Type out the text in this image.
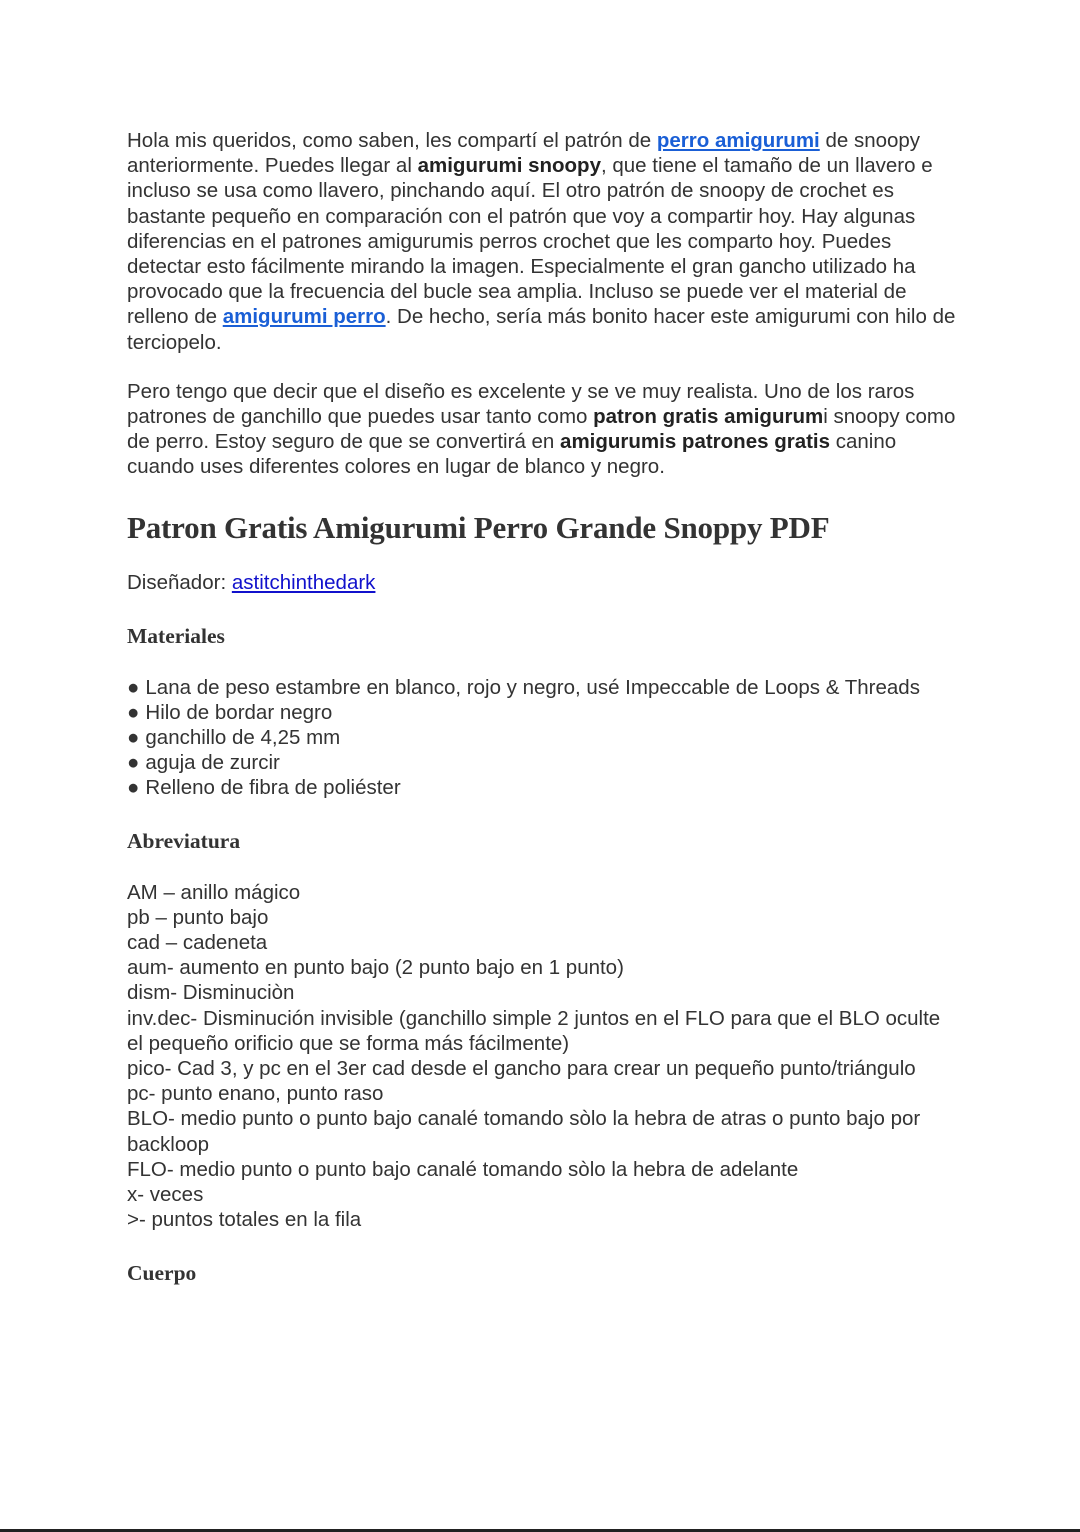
Hola mis queridos, como saben, les compartí el patrón de perro amigurumi de snoopy anteriormente. Puedes llegar al amigurumi snoopy, que tiene el tamaño de un llavero e incluso se usa como llavero, pinchando aquí. El otro patrón de snoopy de crochet es bastante pequeño en comparación con el patrón que voy a compartir hoy. Hay algunas diferencias en el patrones amigurumis perros crochet que les comparto hoy. Puedes detectar esto fácilmente mirando la imagen. Especialmente el gran gancho utilizado ha provocado que la frecuencia del bucle sea amplia. Incluso se puede ver el material de relleno de amigurumi perro. De hecho, sería más bonito hacer este amigurumi con hilo de terciopelo.

Pero tengo que decir que el diseño es excelente y se ve muy realista. Uno de los raros patrones de ganchillo que puedes usar tanto como patron gratis amigurumi snoopy como de perro. Estoy seguro de que se convertirá en amigurumis patrones gratis canino cuando uses diferentes colores en lugar de blanco y negro.

Patron Gratis Amigurumi Perro Grande Snoppy PDF
Diseñador: astitchinthedark
Materiales
● Lana de peso estambre en blanco, rojo y negro, usé Impeccable de Loops & Threads
● Hilo de bordar negro
● ganchillo de 4,25 mm
● aguja de zurcir
● Relleno de fibra de poliéster
Abreviatura
AM – anillo mágico
pb – punto bajo
cad – cadeneta
aum- aumento en punto bajo (2 punto bajo en 1 punto)
dism- Disminuciòn
inv.dec- Disminución invisible (ganchillo simple 2 juntos en el FLO para que el BLO oculte el pequeño orificio que se forma más fácilmente)
pico- Cad 3, y pc en el 3er cad desde el gancho para crear un pequeño punto/triángulo
pc- punto enano, punto raso
BLO- medio punto o punto bajo canalé tomando sòlo la hebra de atras o punto bajo por backloop
FLO- medio punto o punto bajo canalé tomando sòlo la hebra de adelante
x- veces
>- puntos totales en la fila
Cuerpo
